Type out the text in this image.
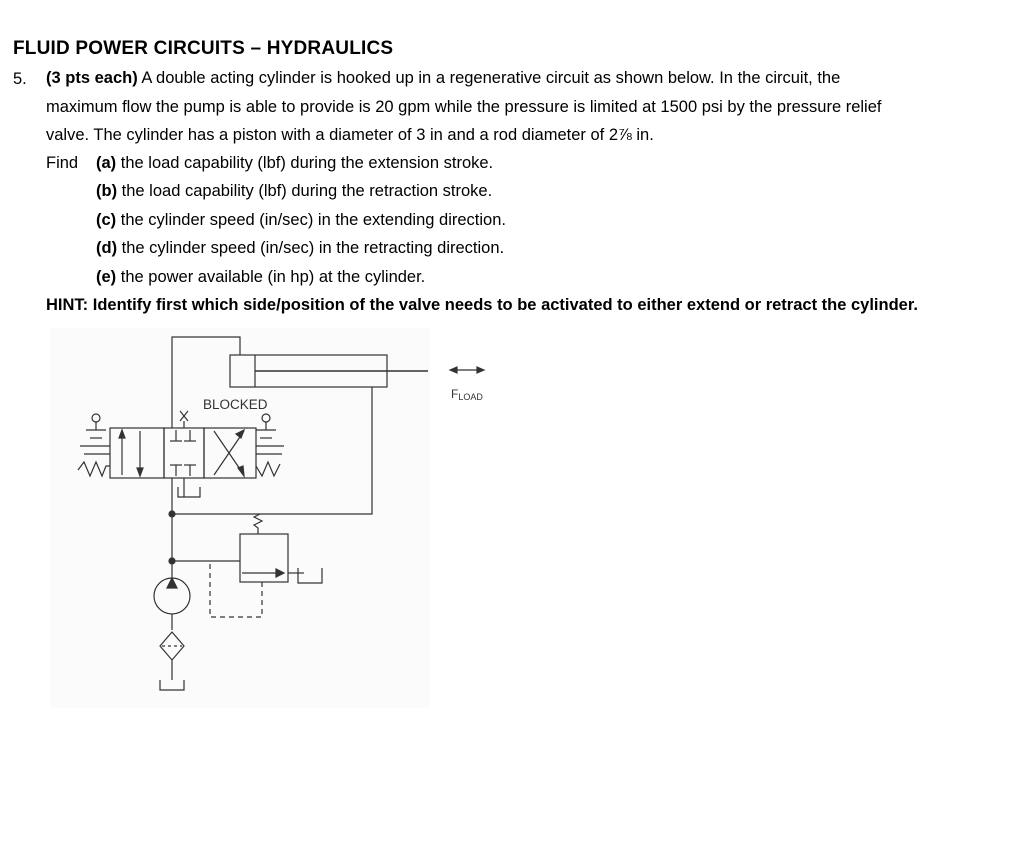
FLUID POWER CIRCUITS – HYDRAULICS
5. (3 pts each) A double acting cylinder is hooked up in a regenerative circuit as shown below. In the circuit, the
maximum flow the pump is able to provide is 20 gpm while the pressure is limited at 1500 psi by the pressure relief
valve. The cylinder has a piston with a diameter of 3 in and a rod diameter of 2⅞ in.
Find (a) the load capability (lbf) during the extension stroke.
(b) the load capability (lbf) during the retraction stroke.
(c) the cylinder speed (in/sec) in the extending direction.
(d) the cylinder speed (in/sec) in the retracting direction.
(e) the power available (in hp) at the cylinder.
HINT: Identify first which side/position of the valve needs to be activated to either extend or retract the cylinder.
FLOAD
BLOCKED
